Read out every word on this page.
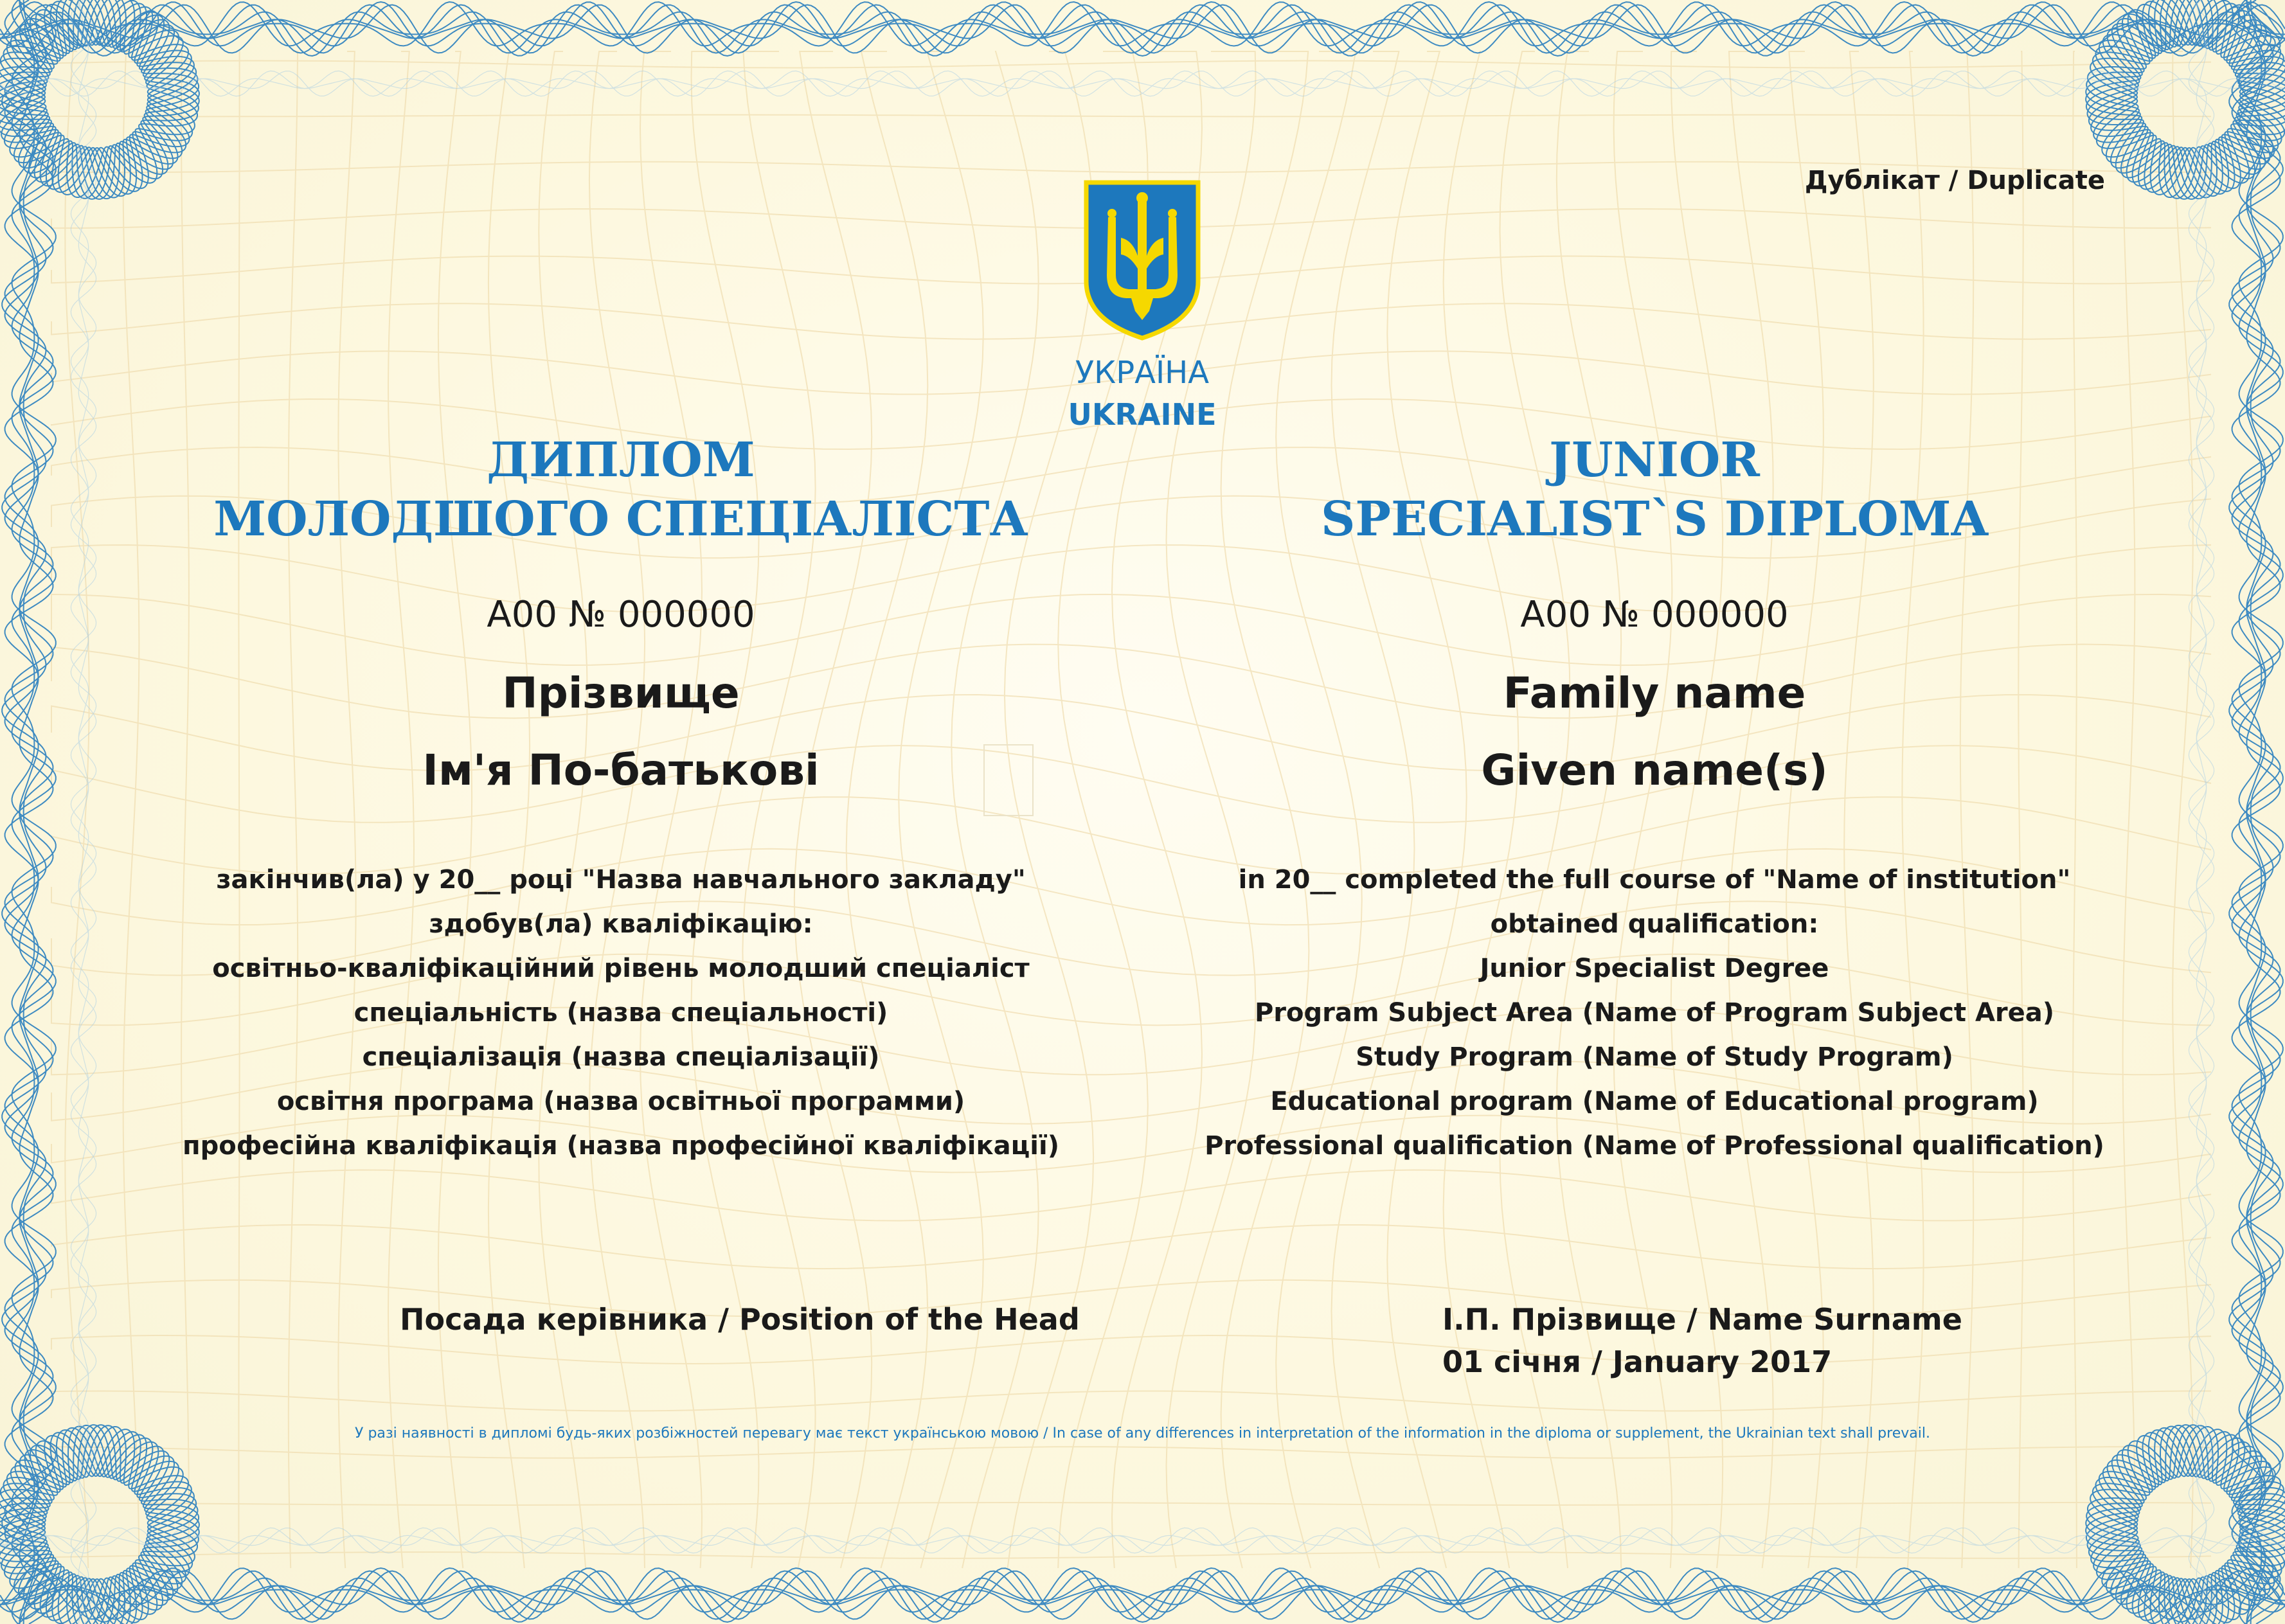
Дублікат / Duplicate
УКРАЇНА
UKRAINE
ДИПЛОМ
МОЛОДШОГО СПЕЦІАЛІСТА
А00 № 000000
Прізвище
Ім'я По-батькові
закінчив(ла) у 20__ році "Назва навчального закладу"
здобув(ла) кваліфікацію:
освітньо-кваліфікаційний рівень молодший спеціаліст
спеціальність (назва спеціальності)
спеціалізація (назва спеціалізації)
освітня програма (назва освітньої программи)
професійна кваліфікація (назва професійної кваліфікації)
JUNIOR
SPECIALIST`S DIPLOMA
А00 № 000000
Family name
Given name(s)
in 20__ completed the full course of "Name of institution"
obtained qualification:
Junior Specialist Degree
Program Subject Area (Name of Program Subject Area)
Study Program (Name of Study Program)
Educational program (Name of Educational program)
Professional qualification (Name of Professional qualification)
Посада керівника / Position of the Head	І.П. Прізвище / Name Surname
01 січня / January 2017
У разі наявності в дипломі будь-яких розбіжностей перевагу має текст українською мовою / In case of any differences in interpretation of the information in the diploma or supplement, the Ukrainian text shall prevail.
